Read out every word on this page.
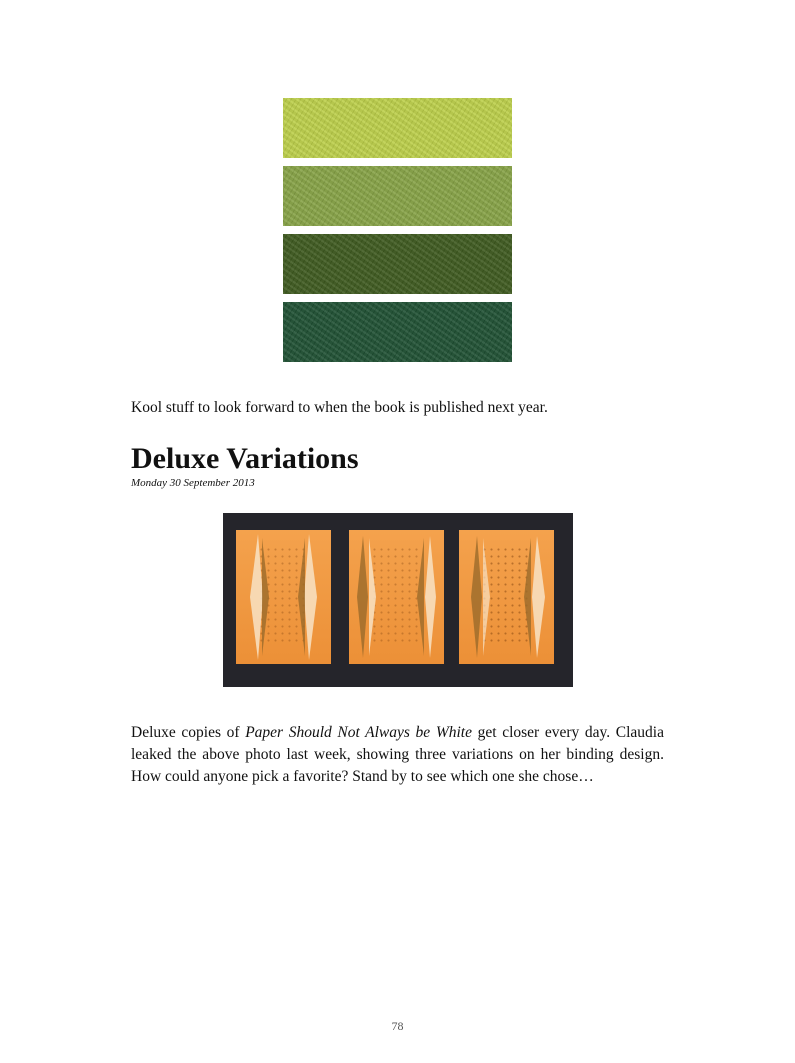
Kool stuff to look forward to when the book is published next year.

Deluxe Variations
Monday 30 September 2013

Deluxe copies of Paper Should Not Always be White get closer every day. Claudia leaked the above photo last week, showing three variations on her binding design. How could anyone pick a favorite? Stand by to see which one she chose…

78
